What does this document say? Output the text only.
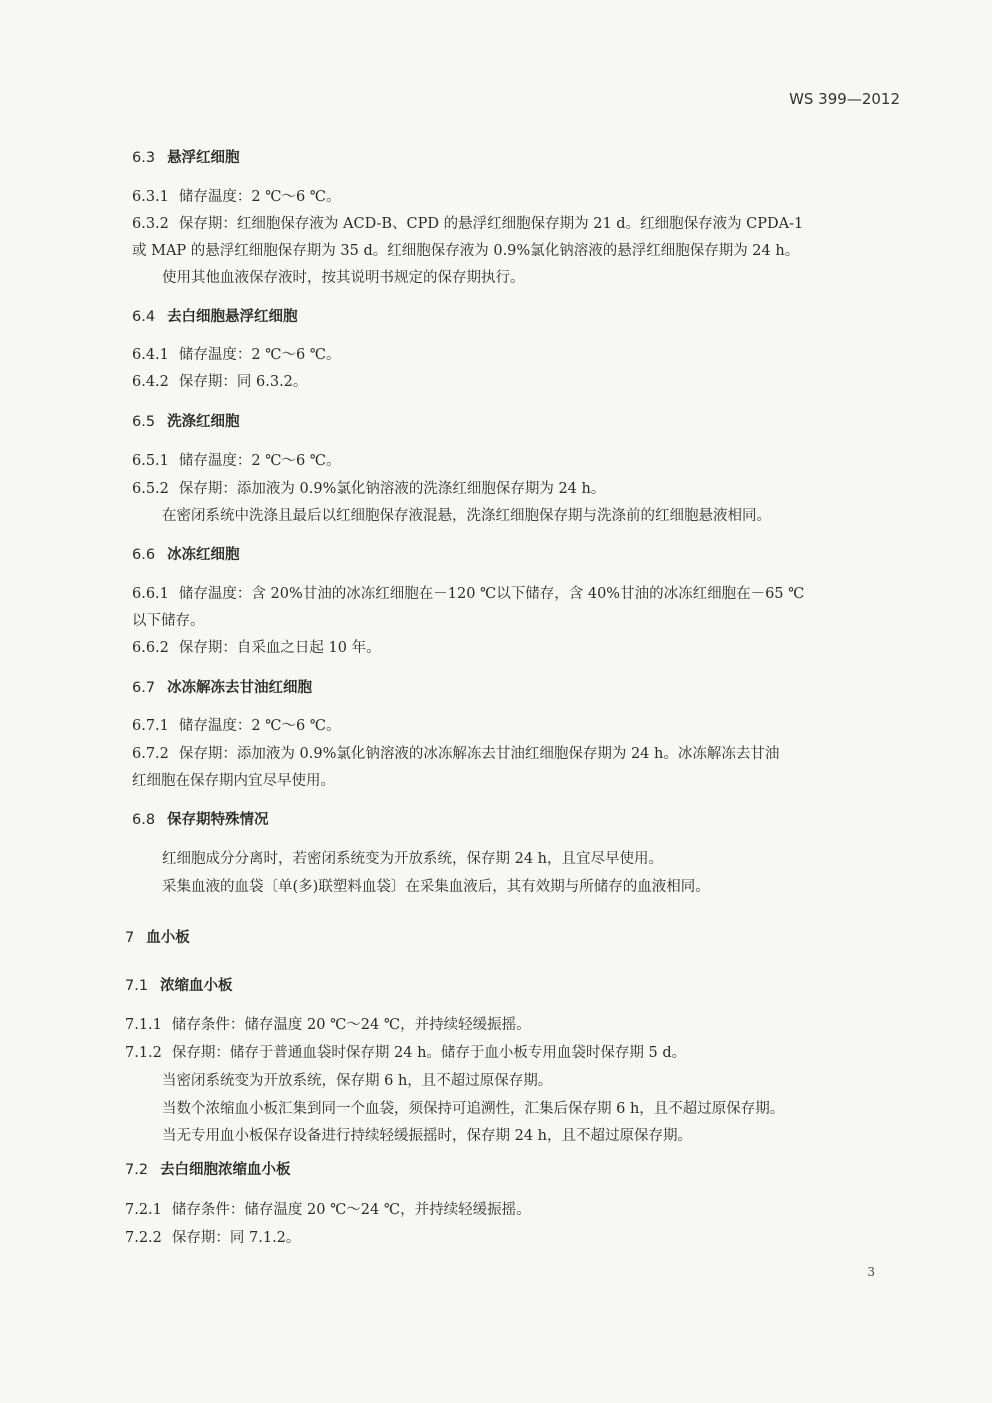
WS 399—2012
6.3 悬浮红细胞
6.3.1 储存温度：2 ℃～6 ℃。
6.3.2 保存期：红细胞保存液为 ACD-B、CPD 的悬浮红细胞保存期为 21 d。红细胞保存液为 CPDA-1
或 MAP 的悬浮红细胞保存期为 35 d。红细胞保存液为 0.9%氯化钠溶液的悬浮红细胞保存期为 24 h。
使用其他血液保存液时，按其说明书规定的保存期执行。
6.4 去白细胞悬浮红细胞
6.4.1 储存温度：2 ℃～6 ℃。
6.4.2 保存期：同 6.3.2。
6.5 洗涤红细胞
6.5.1 储存温度：2 ℃～6 ℃。
6.5.2 保存期：添加液为 0.9%氯化钠溶液的洗涤红细胞保存期为 24 h。
在密闭系统中洗涤且最后以红细胞保存液混悬，洗涤红细胞保存期与洗涤前的红细胞悬液相同。
6.6 冰冻红细胞
6.6.1 储存温度：含 20%甘油的冰冻红细胞在－120 ℃以下储存，含 40%甘油的冰冻红细胞在－65 ℃
以下储存。
6.6.2 保存期：自采血之日起 10 年。
6.7 冰冻解冻去甘油红细胞
6.7.1 储存温度：2 ℃～6 ℃。
6.7.2 保存期：添加液为 0.9%氯化钠溶液的冰冻解冻去甘油红细胞保存期为 24 h。冰冻解冻去甘油
红细胞在保存期内宜尽早使用。
6.8 保存期特殊情况
红细胞成分分离时，若密闭系统变为开放系统，保存期 24 h，且宜尽早使用。
采集血液的血袋〔单(多)联塑料血袋〕在采集血液后，其有效期与所储存的血液相同。
7 血小板
7.1 浓缩血小板
7.1.1 储存条件：储存温度 20 ℃～24 ℃，并持续轻缓振摇。
7.1.2 保存期：储存于普通血袋时保存期 24 h。储存于血小板专用血袋时保存期 5 d。
当密闭系统变为开放系统，保存期 6 h，且不超过原保存期。
当数个浓缩血小板汇集到同一个血袋，须保持可追溯性，汇集后保存期 6 h，且不超过原保存期。
当无专用血小板保存设备进行持续轻缓振摇时，保存期 24 h，且不超过原保存期。
7.2 去白细胞浓缩血小板
7.2.1 储存条件：储存温度 20 ℃～24 ℃，并持续轻缓振摇。
7.2.2 保存期：同 7.1.2。
3
